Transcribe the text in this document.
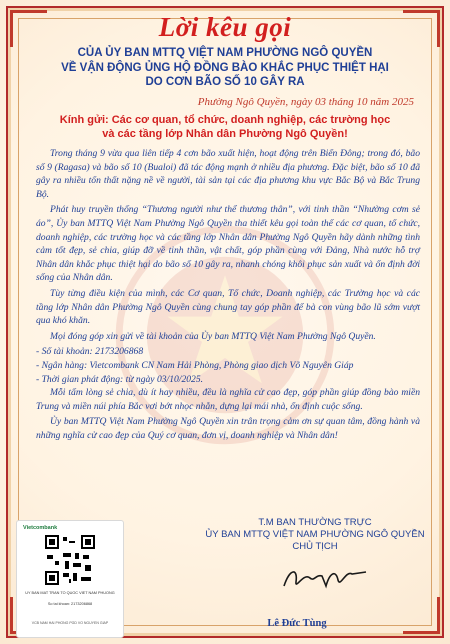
Lời kêu gọi
CỦA ỦY BAN MTTQ VIỆT NAM PHƯỜNG NGÔ QUYỀN
VỀ VẬN ĐỘNG ỦNG HỘ ĐỒNG BÀO KHẮC PHỤC THIỆT HẠI
DO CƠN BÃO SỐ 10 GÂY RA
Phường Ngô Quyền, ngày 03 tháng 10 năm 2025
Kính gửi: Các cơ quan, tổ chức, doanh nghiệp, các trường học
và các tầng lớp Nhân dân Phường Ngô Quyền!

Trong tháng 9 vừa qua liên tiếp 4 cơn bão xuất hiện, hoạt động trên Biển Đông; trong đó, bão số 9 (Ragasa) và bão số 10 (Bualoi) đã tác động mạnh ở nhiều địa phương. Đặc biệt, bão số 10 đã gây ra nhiều tổn thất nặng nề về người, tài sản tại các địa phương khu vực Bắc Bộ và Bắc Trung Bộ.

Phát huy truyền thống “Thương người như thể thương thân”, với tinh thần “Nhường cơm sẻ áo”, Ủy ban MTTQ Việt Nam Phường Ngô Quyền tha thiết kêu gọi toàn thể các cơ quan, tổ chức, doanh nghiệp, các trường học và các tầng lớp Nhân dân Phường Ngô Quyền hãy dành những tình cảm tốt đẹp, sẻ chia, giúp đỡ về tinh thần, vật chất, góp phần cùng với Đảng, Nhà nước hỗ trợ Nhân dân khắc phục thiệt hại do bão số 10 gây ra, nhanh chóng khôi phục sản xuất và ổn định đời sống của Nhân dân.

Tùy từng điều kiện của mình, các Cơ quan, Tổ chức, Doanh nghiệp, các Trường học và các tầng lớp Nhân dân Phường Ngô Quyền cùng chung tay góp phần để bà con vùng bão lũ sớm vượt qua khó khăn.

Mọi đóng góp xin gửi về tài khoản của Ủy ban MTTQ Việt Nam Phường Ngô Quyền.

- Số tài khoản: 2173206868

- Ngân hàng: Vietcombank CN Nam Hải Phòng, Phòng giao dịch Võ Nguyên Giáp

- Thời gian phát động: từ ngày 03/10/2025.

Mỗi tấm lòng sẻ chia, dù ít hay nhiều, đều là nghĩa cử cao đẹp, góp phần giúp đồng bào miền Trung và miền núi phía Bắc vơi bớt nhọc nhằn, dựng lại mái nhà, ổn định cuộc sống.

Ủy ban MTTQ Việt Nam Phường Ngô Quyền xin trân trọng cảm ơn sự quan tâm, đồng hành và những nghĩa cử cao đẹp của Quý cơ quan, đơn vị, doanh nghiệp và Nhân dân!

T.M BAN THƯỜNG TRỰC
ỦY BAN MTTQ VIỆT NAM PHƯỜNG NGÔ QUYỀN
CHỦ TỊCH
Lê Đức Tùng
Vietcombank
UY BAN MAT TRAN TO QUOC VIET NAM PHUONG
So tai khoan: 2173206868
VCB NAM HAI PHONG PGD VO NGUYEN GIAP
